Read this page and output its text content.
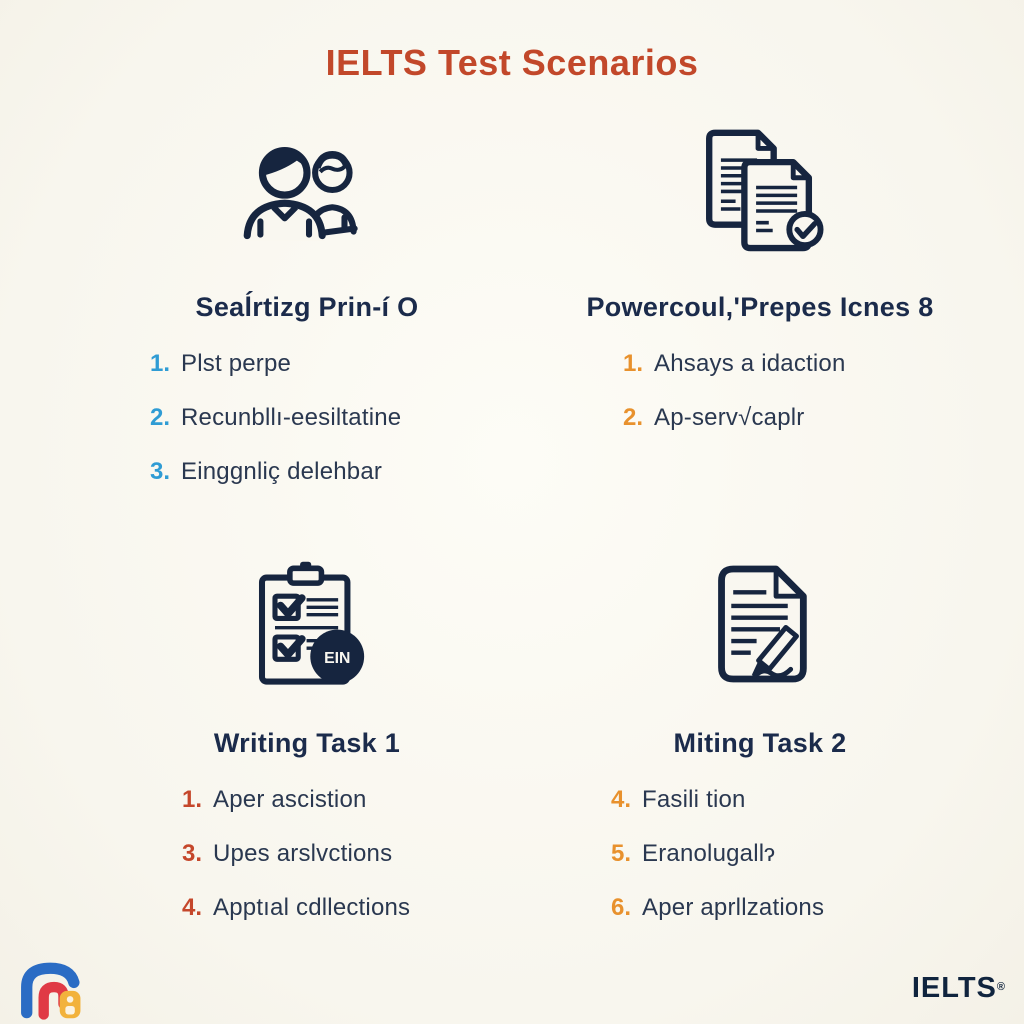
IELTS Test Scenarios
Seaĺrtizg Prin-í O
1. Plst perpe
2. Recunbllı-eesiltatine
3. Einggnliç delehbar
Powercoul,'Prepes Icnes 8
1. Ahsays a idaction
2. Ap-serv√caplr
EIN
Writing Task 1
1. Aper ascistion
3. Upes arslvctions
4. Apptıal cdllections
Miting Task 2
4. Fasili tion
5. Eranolugallɂ
6. Aper aprllzations
IELTS®
